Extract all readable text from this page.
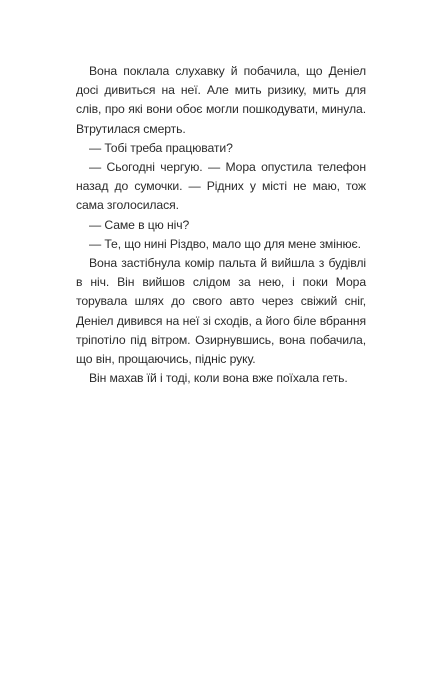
Вона поклала слухавку й побачила, що Деніел досі дивиться на неї. Але мить ризику, мить для слів, про які вони обоє могли пошкодувати, минула. Втрутилася смерть.

— Тобі треба працювати?

— Сьогодні чергую. — Мора опустила телефон назад до сумочки. — Рідних у місті не маю, тож сама зголосилася.

— Саме в цю ніч?

— Те, що нині Різдво, мало що для мене змінює.

Вона застібнула комір пальта й вийшла з будівлі в ніч. Він вийшов слідом за нею, і поки Мора торувала шлях до свого авто через свіжий сніг, Деніел дивився на неї зі сходів, а його біле вбрання тріпотіло під вітром. Озирнувшись, вона побачила, що він, прощаючись, підніс руку.

Він махав їй і тоді, коли вона вже поїхала геть.
